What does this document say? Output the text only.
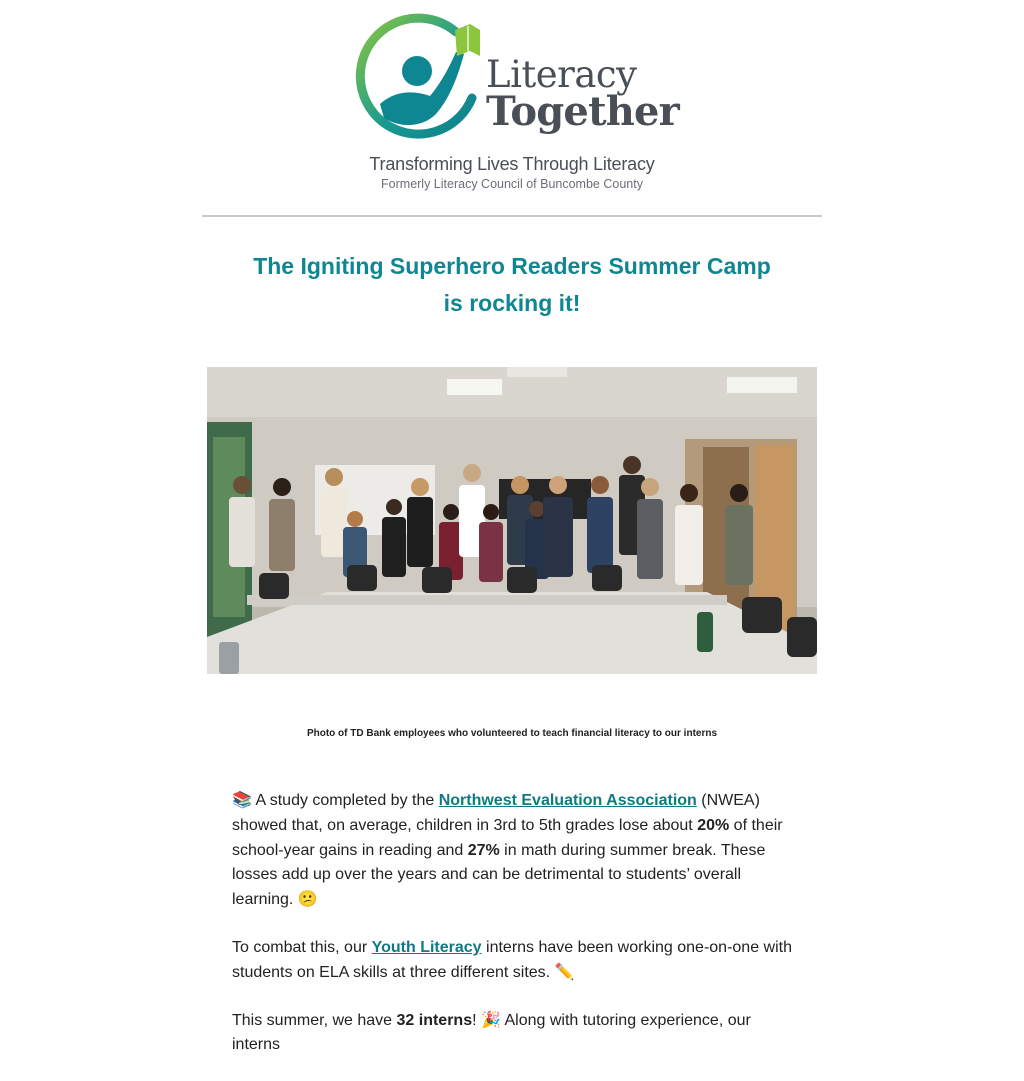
Literacy
Together
Transforming Lives Through Literacy
Formerly Literacy Council of Buncombe County
The Igniting Superhero Readers Summer Camp
is rocking it!
Photo of TD Bank employees who volunteered to teach financial literacy to our interns

📚 A study completed by the Northwest Evaluation Association (NWEA) showed that, on average, children in 3rd to 5th grades lose about 20% of their school-year gains in reading and 27% in math during summer break. These losses add up over the years and can be detrimental to students’ overall learning. 😕

To combat this, our Youth Literacy interns have been working one-on-one with students on ELA skills at three different sites. ✏️

This summer, we have 32 interns! 🎉 Along with tutoring experience, our interns
